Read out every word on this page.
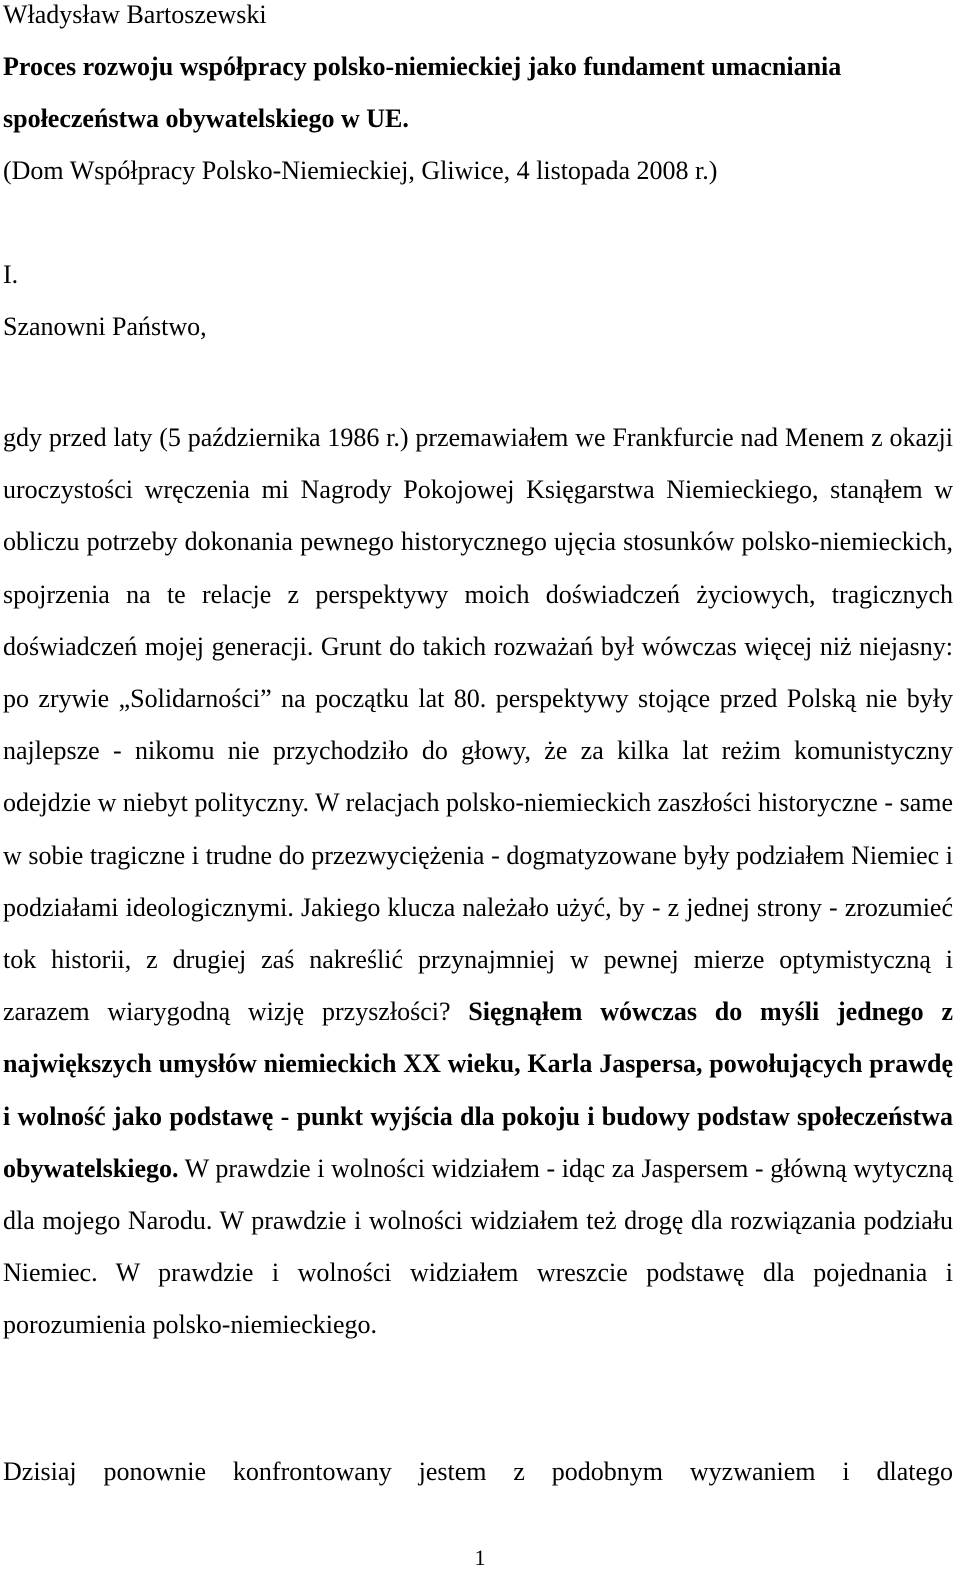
Władysław Bartoszewski

Proces rozwoju współpracy polsko-niemieckiej jako fundament umacniania

społeczeństwa obywatelskiego w UE.

(Dom Współpracy Polsko-Niemieckiej, Gliwice, 4 listopada 2008 r.)

I.

Szanowni Państwo,

gdy przed laty (5 października 1986 r.) przemawiałem we Frankfurcie nad Menem z okazji uroczystości wręczenia mi Nagrody Pokojowej Księgarstwa Niemieckiego, stanąłem w obliczu potrzeby dokonania pewnego historycznego ujęcia stosunków polsko-niemieckich, spojrzenia na te relacje z perspektywy moich doświadczeń życiowych, tragicznych doświadczeń mojej generacji. Grunt do takich rozważań był wówczas więcej niż niejasny: po zrywie „Solidarności” na początku lat 80. perspektywy stojące przed Polską nie były najlepsze - nikomu nie przychodziło do głowy, że za kilka lat reżim komunistyczny odejdzie w niebyt polityczny. W relacjach polsko-niemieckich zaszłości historyczne - same w sobie tragiczne i trudne do przezwyciężenia - dogmatyzowane były podziałem Niemiec i podziałami ideologicznymi. Jakiego klucza należało użyć, by - z jednej strony - zrozumieć tok historii, z drugiej zaś nakreślić przynajmniej w pewnej mierze optymistyczną i zarazem wiarygodną wizję przyszłości? Sięgnąłem wówczas do myśli jednego z największych umysłów niemieckich XX wieku, Karla Jaspersa, powołujących prawdę i wolność jako podstawę - punkt wyjścia dla pokoju i budowy podstaw społeczeństwa obywatelskiego. W prawdzie i wolności widziałem - idąc za Jaspersem - główną wytyczną dla mojego Narodu. W prawdzie i wolności widziałem też drogę dla rozwiązania podziału Niemiec. W prawdzie i wolności widziałem wreszcie podstawę dla pojednania i porozumienia polsko-niemieckiego.

Dzisiaj ponownie konfrontowany jestem z podobnym wyzwaniem i dlatego

1
